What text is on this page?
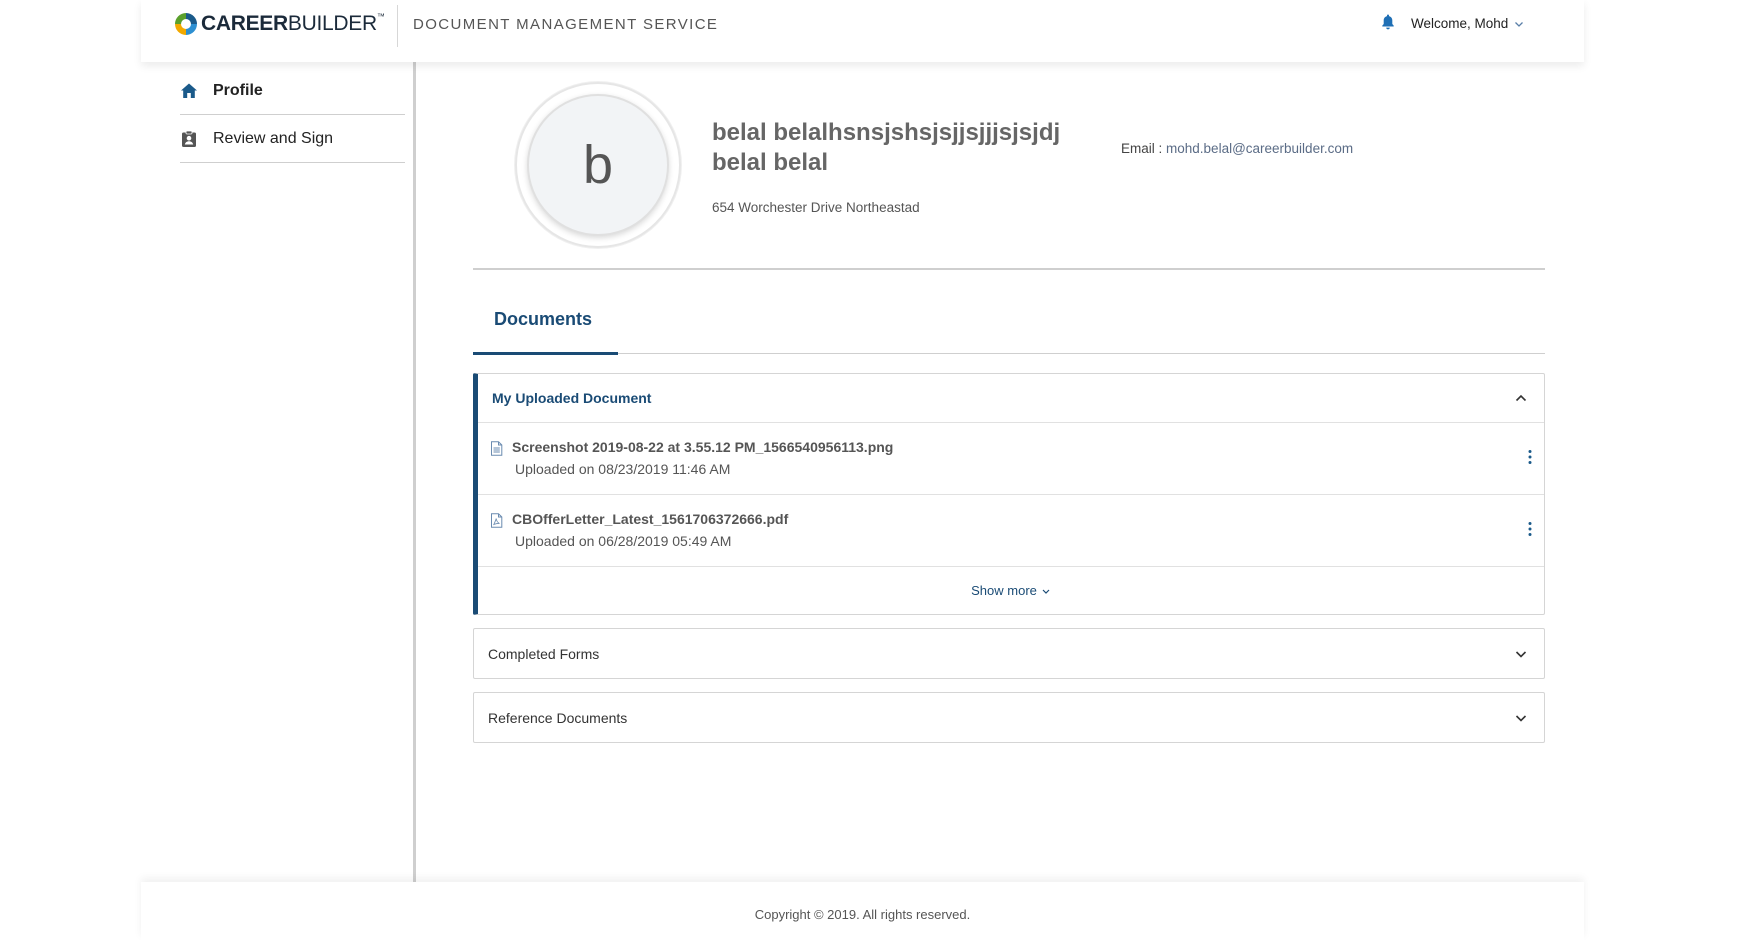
CAREERBUILDER™ DOCUMENT MANAGEMENT SERVICE	Welcome, Mohd
Profile
Review and Sign	b
belal belalhsnsjshsjsjjsjjjsjsjdj belal belal
654 Worchester Drive Northeastad
Email : mohd.belal@careerbuilder.com
Documents
My Uploaded Document
Screenshot 2019-08-22 at 3.55.12 PM_1566540956113.png
Uploaded on 08/23/2019 11:46 AM
CBOfferLetter_Latest_1561706372666.pdf
Uploaded on 06/28/2019 05:49 AM
Show more
Completed Forms
Reference Documents
Copyright © 2019. All rights reserved.
